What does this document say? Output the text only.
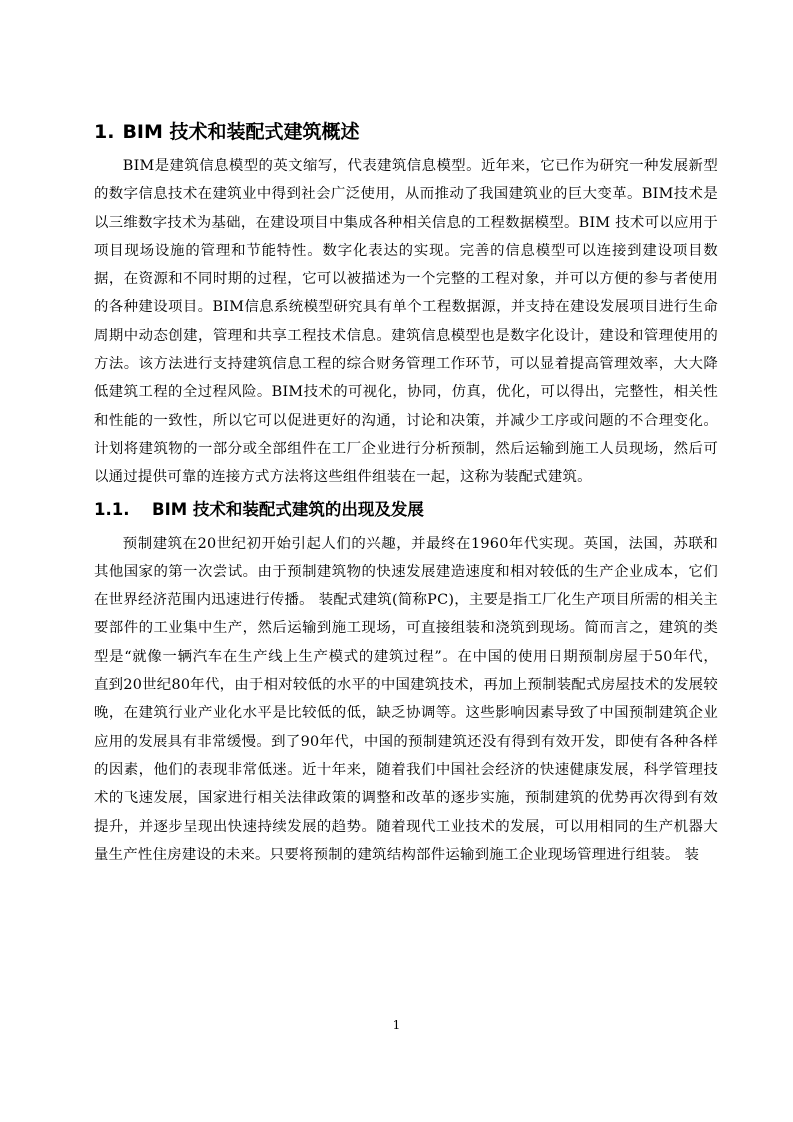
1. BIM 技术和装配式建筑概述

BIM是建筑信息模型的英文缩写，代表建筑信息模型。近年来，它已作为研究一种发展新型的数字信息技术在建筑业中得到社会广泛使用，从而推动了我国建筑业的巨大变革。BIM技术是以三维数字技术为基础，在建设项目中集成各种相关信息的工程数据模型。BIM 技术可以应用于项目现场设施的管理和节能特性。数字化表达的实现。完善的信息模型可以连接到建设项目数据，在资源和不同时期的过程，它可以被描述为一个完整的工程对象，并可以方便的参与者使用的各种建设项目。BIM信息系统模型研究具有单个工程数据源，并支持在建设发展项目进行生命周期中动态创建，管理和共享工程技术信息。建筑信息模型也是数字化设计，建设和管理使用的方法。该方法进行支持建筑信息工程的综合财务管理工作环节，可以显着提高管理效率，大大降低建筑工程的全过程风险。BIM技术的可视化，协同，仿真，优化，可以得出，完整性，相关性和性能的一致性，所以它可以促进更好的沟通，讨论和决策，并减少工序或问题的不合理变化。计划将建筑物的一部分或全部组件在工厂企业进行分析预制，然后运输到施工人员现场，然后可以通过提供可靠的连接方式方法将这些组件组装在一起，这称为装配式建筑。

1.1. BIM 技术和装配式建筑的出现及发展

预制建筑在20世纪初开始引起人们的兴趣，并最终在1960年代实现。英国，法国，苏联和其他国家的第一次尝试。由于预制建筑物的快速发展建造速度和相对较低的生产企业成本，它们在世界经济范围内迅速进行传播。 装配式建筑(简称PC)，主要是指工厂化生产项目所需的相关主要部件的工业集中生产，然后运输到施工现场，可直接组装和浇筑到现场。简而言之，建筑的类型是“就像一辆汽车在生产线上生产模式的建筑过程”。在中国的使用日期预制房屋于50年代， 直到20世纪80年代，由于相对较低的水平的中国建筑技术，再加上预制装配式房屋技术的发展较晚，在建筑行业产业化水平是比较低的低，缺乏协调等。这些影响因素导致了中国预制建筑企业应用的发展具有非常缓慢。到了90年代，中国的预制建筑还没有得到有效开发，即使有各种各样的因素，他们的表现非常低迷。近十年来，随着我们中国社会经济的快速健康发展，科学管理技术的飞速发展，国家进行相关法律政策的调整和改革的逐步实施，预制建筑的优势再次得到有效提升，并逐步呈现出快速持续发展的趋势。随着现代工业技术的发展，可以用相同的生产机器大量生产性住房建设的未来。只要将预制的建筑结构部件运输到施工企业现场管理进行组装。 装

1
